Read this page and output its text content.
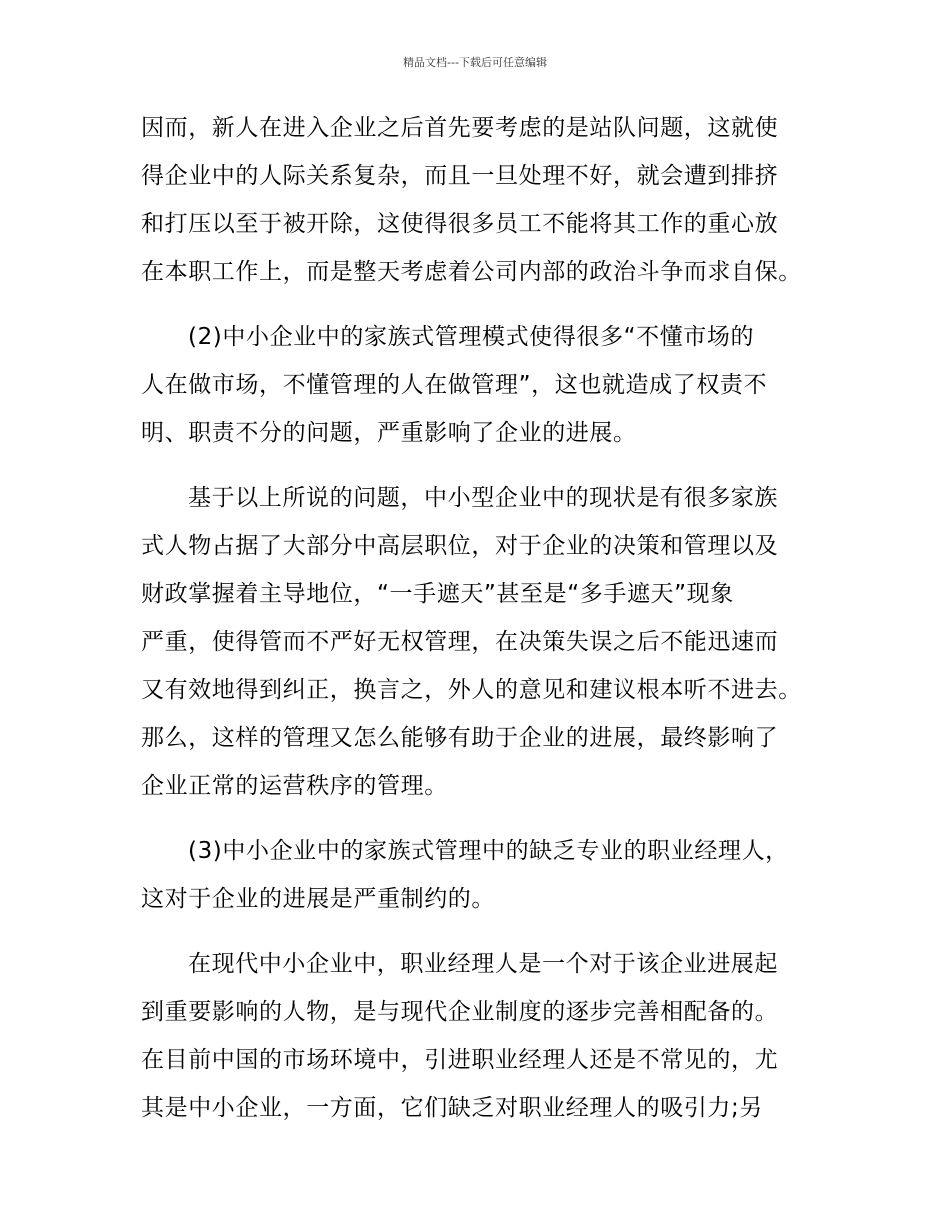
精品文档---下载后可任意编辑
因而，新人在进入企业之后首先要考虑的是站队问题，这就使
得企业中的人际关系复杂，而且一旦处理不好，就会遭到排挤
和打压以至于被开除，这使得很多员工不能将其工作的重心放
在本职工作上，而是整天考虑着公司内部的政治斗争而求自保。
(2)中小企业中的家族式管理模式使得很多“不懂市场的
人在做市场，不懂管理的人在做管理”，这也就造成了权责不
明、职责不分的问题，严重影响了企业的进展。
基于以上所说的问题，中小型企业中的现状是有很多家族
式人物占据了大部分中高层职位，对于企业的决策和管理以及
财政掌握着主导地位，“一手遮天”甚至是“多手遮天”现象
严重，使得管而不严好无权管理，在决策失误之后不能迅速而
又有效地得到纠正，换言之，外人的意见和建议根本听不进去。
那么，这样的管理又怎么能够有助于企业的进展，最终影响了
企业正常的运营秩序的管理。
(3)中小企业中的家族式管理中的缺乏专业的职业经理人，
这对于企业的进展是严重制约的。
在现代中小企业中，职业经理人是一个对于该企业进展起
到重要影响的人物，是与现代企业制度的逐步完善相配备的。
在目前中国的市场环境中，引进职业经理人还是不常见的，尤
其是中小企业，一方面，它们缺乏对职业经理人的吸引力;另
